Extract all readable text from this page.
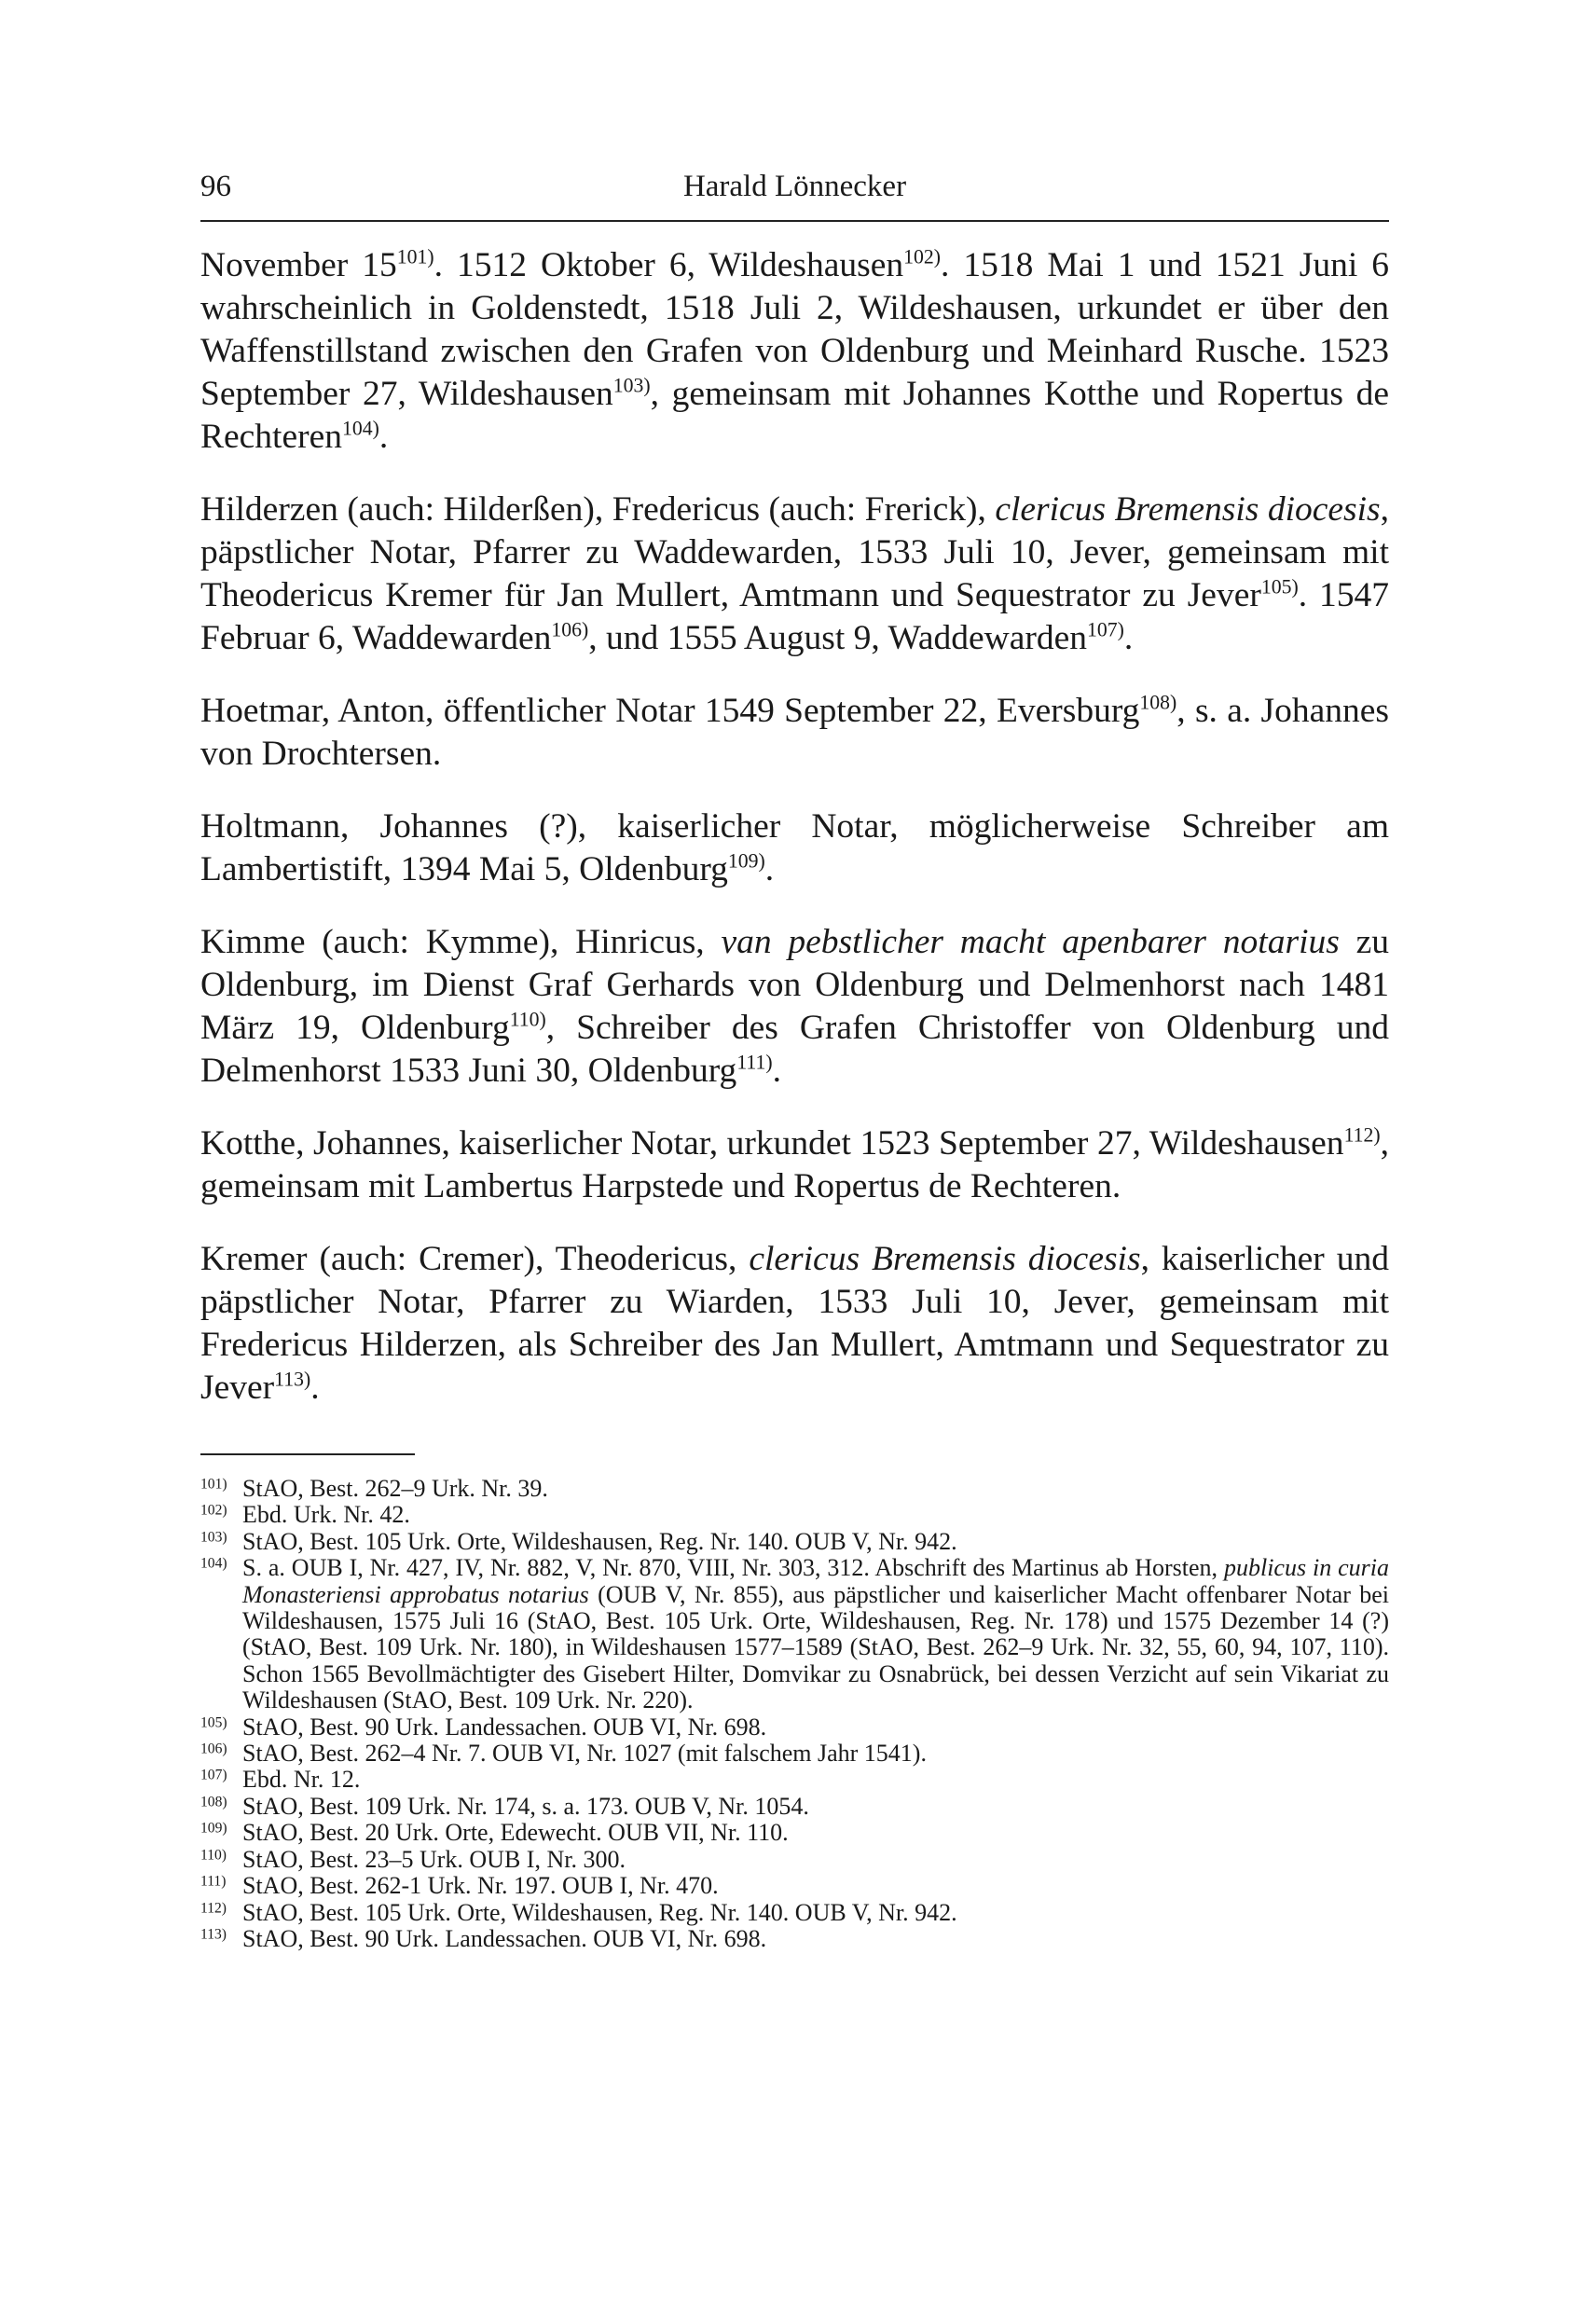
96	Harald Lönnecker

November 15$^{101)}$. 1512 Oktober 6, Wildeshausen$^{102)}$. 1518 Mai 1 und 1521 Juni 6 wahrscheinlich in Goldenstedt, 1518 Juli 2, Wildeshausen, urkundet er über den Waffenstillstand zwischen den Grafen von Oldenburg und Meinhard Rusche. 1523 September 27, Wildeshausen$^{103)}$, gemeinsam mit Johannes Kotthe und Ropertus de Rechteren$^{104)}$.

Hilderzen (auch: Hilderßen), Fredericus (auch: Frerick), clericus Bremensis diocesis, päpstlicher Notar, Pfarrer zu Waddewarden, 1533 Juli 10, Jever, gemeinsam mit Theodericus Kremer für Jan Mullert, Amtmann und Sequestrator zu Jever$^{105)}$. 1547 Februar 6, Waddewarden$^{106)}$, und 1555 August 9, Waddewarden$^{107)}$.

Hoetmar, Anton, öffentlicher Notar 1549 September 22, Eversburg$^{108)}$, s. a. Johannes von Drochtersen.

Holtmann, Johannes (?), kaiserlicher Notar, möglicherweise Schreiber am Lambertistift, 1394 Mai 5, Oldenburg$^{109)}$.

Kimme (auch: Kymme), Hinricus, van pebstlicher macht apenbarer notarius zu Oldenburg, im Dienst Graf Gerhards von Oldenburg und Delmenhorst nach 1481 März 19, Oldenburg$^{110)}$, Schreiber des Grafen Christoffer von Oldenburg und Delmenhorst 1533 Juni 30, Oldenburg$^{111)}$.

Kotthe, Johannes, kaiserlicher Notar, urkundet 1523 September 27, Wildeshausen$^{112)}$, gemeinsam mit Lambertus Harpstede und Ropertus de Rechteren.

Kremer (auch: Cremer), Theodericus, clericus Bremensis diocesis, kaiserlicher und päpstlicher Notar, Pfarrer zu Wiarden, 1533 Juli 10, Jever, gemeinsam mit Fredericus Hilderzen, als Schreiber des Jan Mullert, Amtmann und Sequestrator zu Jever$^{113)}$.

$^{101)}$ StAO, Best. 262–9 Urk. Nr. 39.

$^{102)}$ Ebd. Urk. Nr. 42.

$^{103)}$ StAO, Best. 105 Urk. Orte, Wildeshausen, Reg. Nr. 140. OUB V, Nr. 942.

$^{104)}$ S. a. OUB I, Nr. 427, IV, Nr. 882, V, Nr. 870, VIII, Nr. 303, 312. Abschrift des Martinus ab Horsten, publicus in curia Monasteriensi approbatus notarius (OUB V, Nr. 855), aus päpstlicher und kaiserlicher Macht offenbarer Notar bei Wildeshausen, 1575 Juli 16 (StAO, Best. 105 Urk. Orte, Wildeshausen, Reg. Nr. 178) und 1575 Dezember 14 (?) (StAO, Best. 109 Urk. Nr. 180), in Wildeshausen 1577–1589 (StAO, Best. 262–9 Urk. Nr. 32, 55, 60, 94, 107, 110). Schon 1565 Bevollmächtigter des Gisebert Hilter, Domvikar zu Osnabrück, bei dessen Verzicht auf sein Vikariat zu Wildeshausen (StAO, Best. 109 Urk. Nr. 220).

$^{105)}$ StAO, Best. 90 Urk. Landessachen. OUB VI, Nr. 698.

$^{106)}$ StAO, Best. 262–4 Nr. 7. OUB VI, Nr. 1027 (mit falschem Jahr 1541).

$^{107)}$ Ebd. Nr. 12.

$^{108)}$ StAO, Best. 109 Urk. Nr. 174, s. a. 173. OUB V, Nr. 1054.

$^{109)}$ StAO, Best. 20 Urk. Orte, Edewecht. OUB VII, Nr. 110.

$^{110)}$ StAO, Best. 23–5 Urk. OUB I, Nr. 300.

$^{111)}$ StAO, Best. 262-1 Urk. Nr. 197. OUB I, Nr. 470.

$^{112)}$ StAO, Best. 105 Urk. Orte, Wildeshausen, Reg. Nr. 140. OUB V, Nr. 942.

$^{113)}$ StAO, Best. 90 Urk. Landessachen. OUB VI, Nr. 698.
